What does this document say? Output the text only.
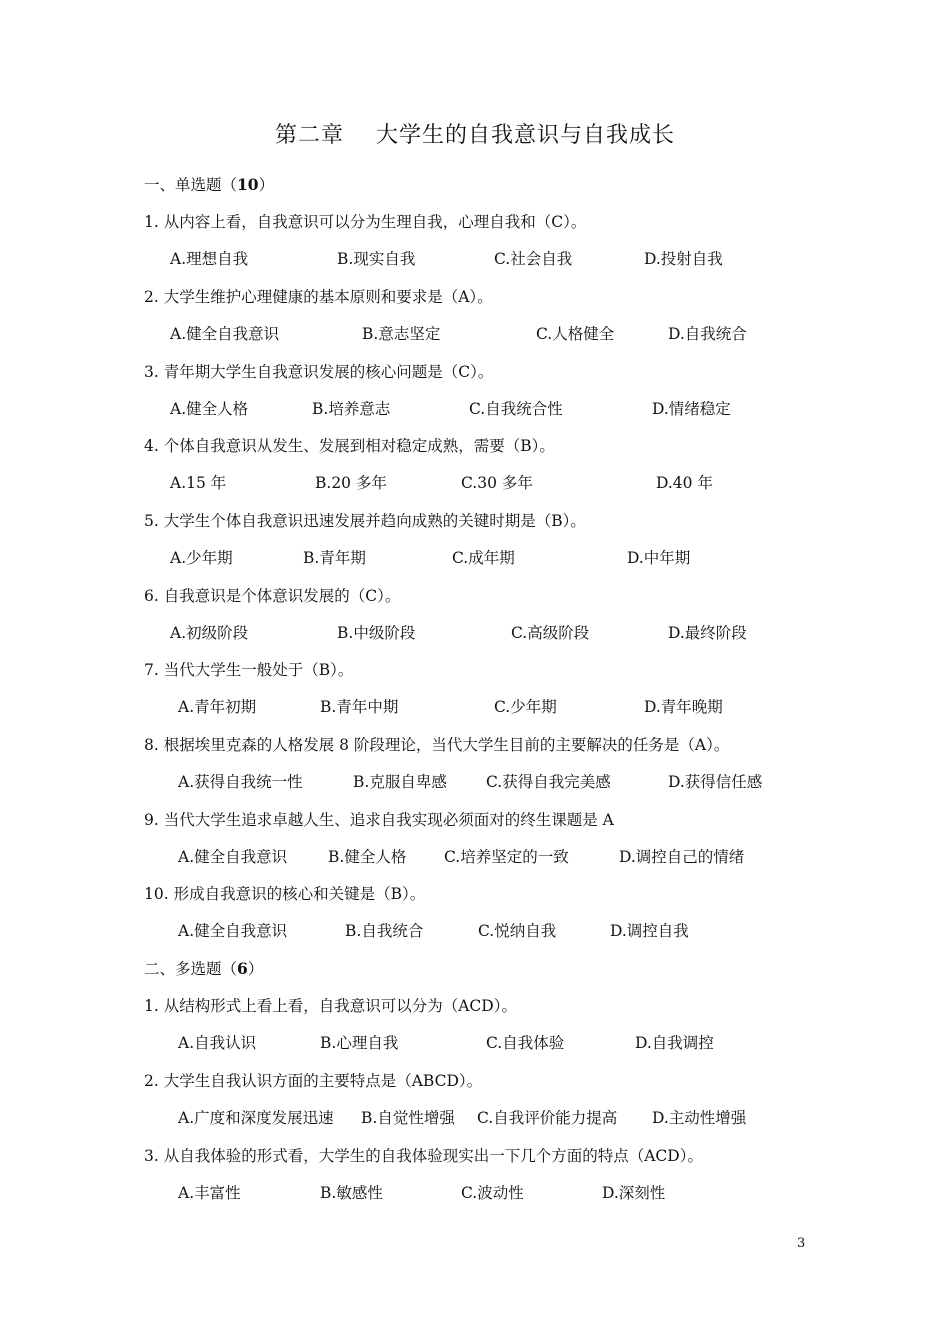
第二章    大学生的自我意识与自我成长
一、单选题（10）
1. 从内容上看，自我意识可以分为生理自我，心理自我和（C）。
A.理想自我	B.现实自我	C.社会自我	D.投射自我
2. 大学生维护心理健康的基本原则和要求是（A）。
A.健全自我意识	B.意志坚定	C.人格健全	D.自我统合
3. 青年期大学生自我意识发展的核心问题是（C）。
A.健全人格	B.培养意志	C.自我统合性	D.情绪稳定
4. 个体自我意识从发生、发展到相对稳定成熟，需要（B）。
A.15 年	B.20 多年	C.30 多年	D.40 年
5. 大学生个体自我意识迅速发展并趋向成熟的关键时期是（B）。
A.少年期	B.青年期	C.成年期	D.中年期
6. 自我意识是个体意识发展的（C）。
A.初级阶段	B.中级阶段	C.高级阶段	D.最终阶段
7. 当代大学生一般处于（B）。
A.青年初期	B.青年中期	C.少年期	D.青年晚期
8. 根据埃里克森的人格发展 8 阶段理论，当代大学生目前的主要解决的任务是（A）。
A.获得自我统一性	B.克服自卑感	C.获得自我完美感	D.获得信任感
9. 当代大学生追求卓越人生、追求自我实现必须面对的终生课题是 A
A.健全自我意识	B.健全人格 C.培养坚定的一致	D.调控自己的情绪
10. 形成自我意识的核心和关键是（B）。
A.健全自我意识	B.自我统合	C.悦纳自我	D.调控自我
二、多选题（6）
1. 从结构形式上看上看，自我意识可以分为（ACD）。
A.自我认识	B.心理自我	C.自我体验	D.自我调控
2. 大学生自我认识方面的主要特点是（ABCD）。
A.广度和深度发展迅速 B.自觉性增强 C.自我评价能力提高 D.主动性增强
3. 从自我体验的形式看，大学生的自我体验现实出一下几个方面的特点（ACD）。
A.丰富性	B.敏感性	C.波动性	D.深刻性
3
